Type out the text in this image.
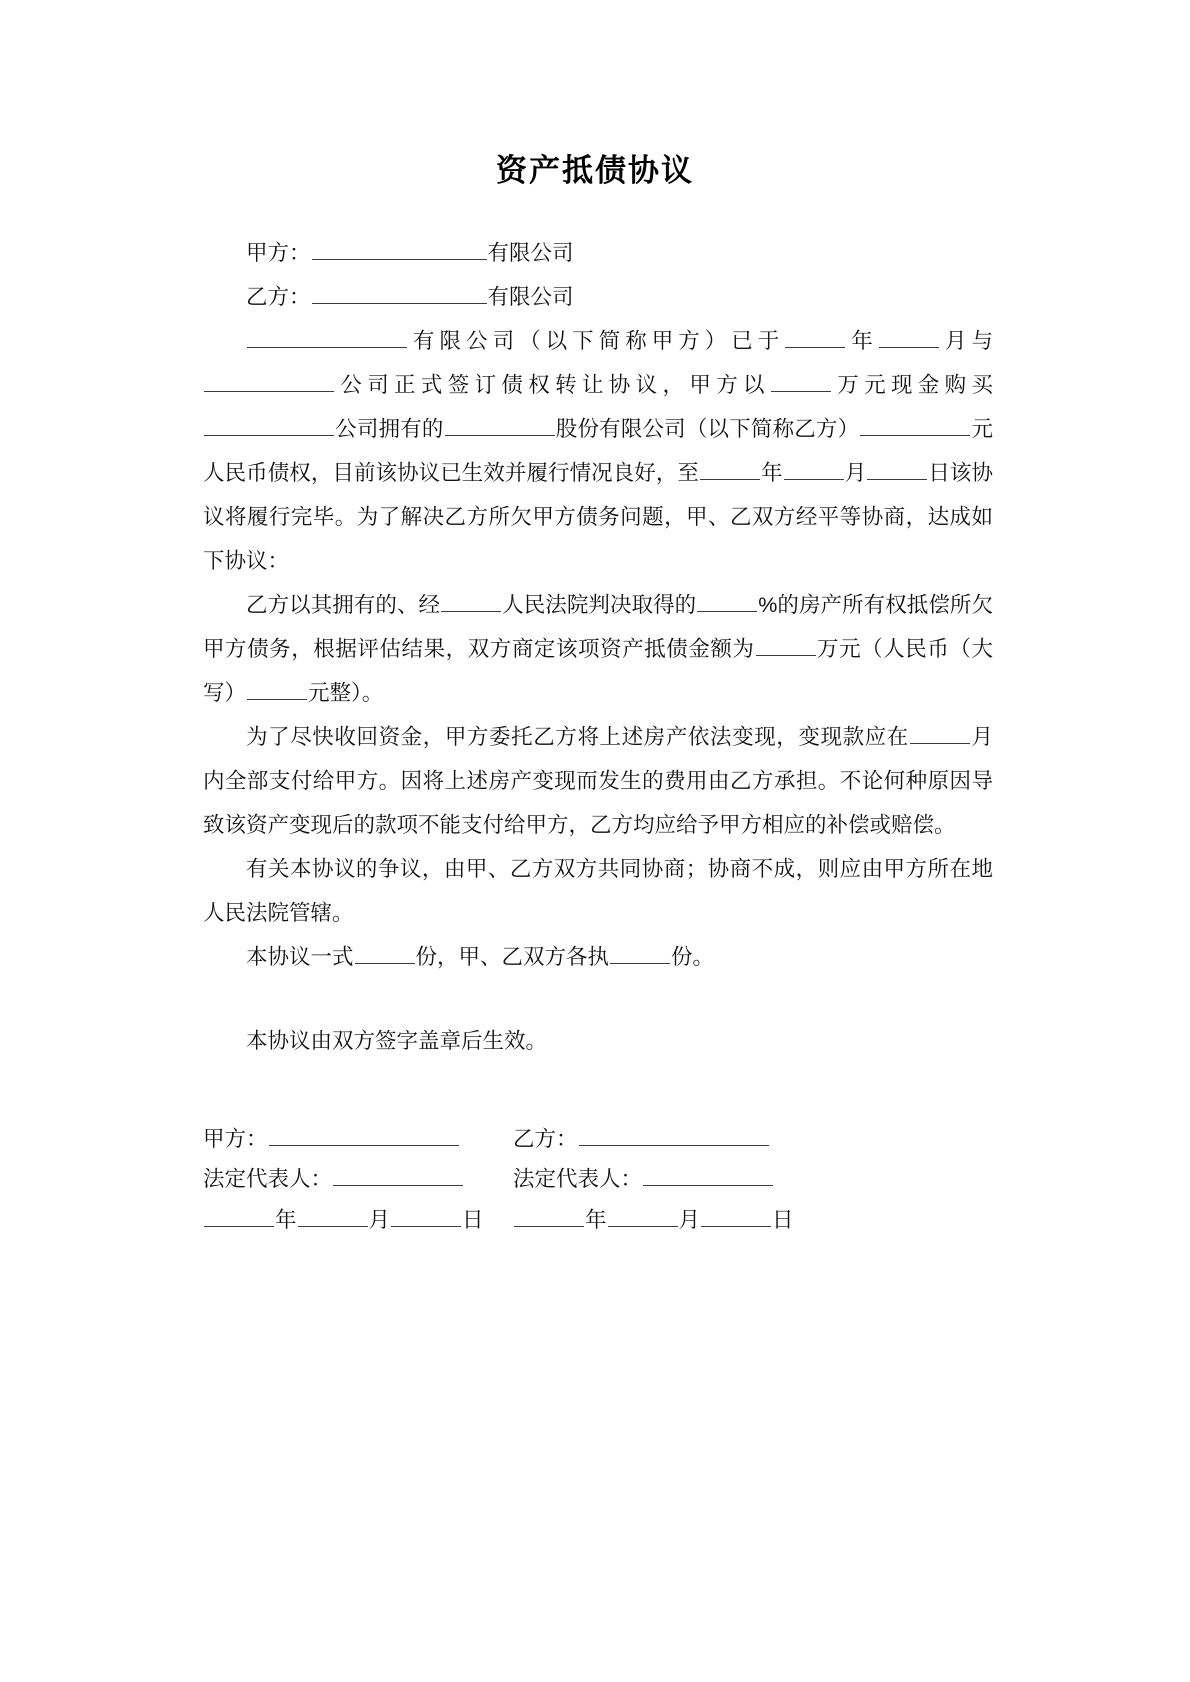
资产抵债协议
甲方：	有限公司
乙方：	有限公司

有限公司（以下简称甲方）已于	年	月与公司正式签订债权转让协议，甲方以	万元现金购买公司拥有的	股份有限公司（以下简称乙方）	元人民币债权，目前该协议已生效并履行情况良好，至	年	月	日该协议将履行完毕。为了解决乙方所欠甲方债务问题，甲、乙双方经平等协商，达成如下协议：

乙方以其拥有的、经	人民法院判决取得的	%的房产所有权抵偿所欠甲方债务，根据评估结果，双方商定该项资产抵债金额为	万元（人民币（大写）	元整）。

为了尽快收回资金，甲方委托乙方将上述房产依法变现，变现款应在	月内全部支付给甲方。因将上述房产变现而发生的费用由乙方承担。不论何种原因导致该资产变现后的款项不能支付给甲方，乙方均应给予甲方相应的补偿或赔偿。

有关本协议的争议，由甲、乙方双方共同协商；协商不成，则应由甲方所在地人民法院管辖。

本协议一式	份，甲、乙双方各执	份。

本协议由双方签字盖章后生效。

甲方：	乙方：
法定代表人：	法定代表人：
年	月	日	年	月	日
